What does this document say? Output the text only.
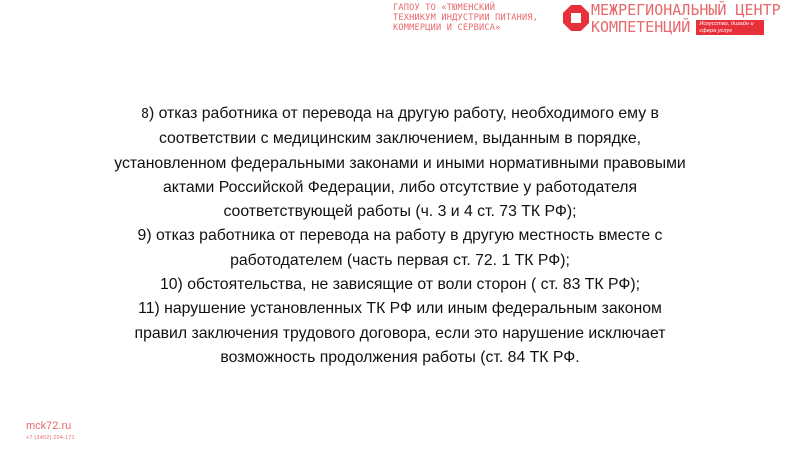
ГАПОУ ТО «ТЮМЕНСКИЙ
ТЕХНИКУМ ИНДУСТРИИ ПИТАНИЯ,
КОММЕРЦИИ И СЕРВИСА»
МЕЖРЕГИОНАЛЬНЫЙ ЦЕНТР
КОМПЕТЕНЦИЙ	Искусство, дизайн и сфера услуг
8) отказ работника от перевода на другую работу, необходимого ему в
соответствии с медицинским заключением, выданным в порядке,
установленном федеральными законами и иными нормативными правовыми
актами Российской Федерации, либо отсутствие у работодателя
соответствующей работы (ч. 3 и 4 ст. 73 ТК РФ);
9) отказ работника от перевода на работу в другую местность вместе с
работодателем (часть первая ст. 72. 1 ТК РФ);
10) обстоятельства, не зависящие от воли сторон ( ст. 83 ТК РФ);
11) нарушение установленных ТК РФ или иным федеральным законом
правил заключения трудового договора, если это нарушение исключает
возможность продолжения работы (ст. 84 ТК РФ.
mck72.ru
+7 (3452) 204-171
